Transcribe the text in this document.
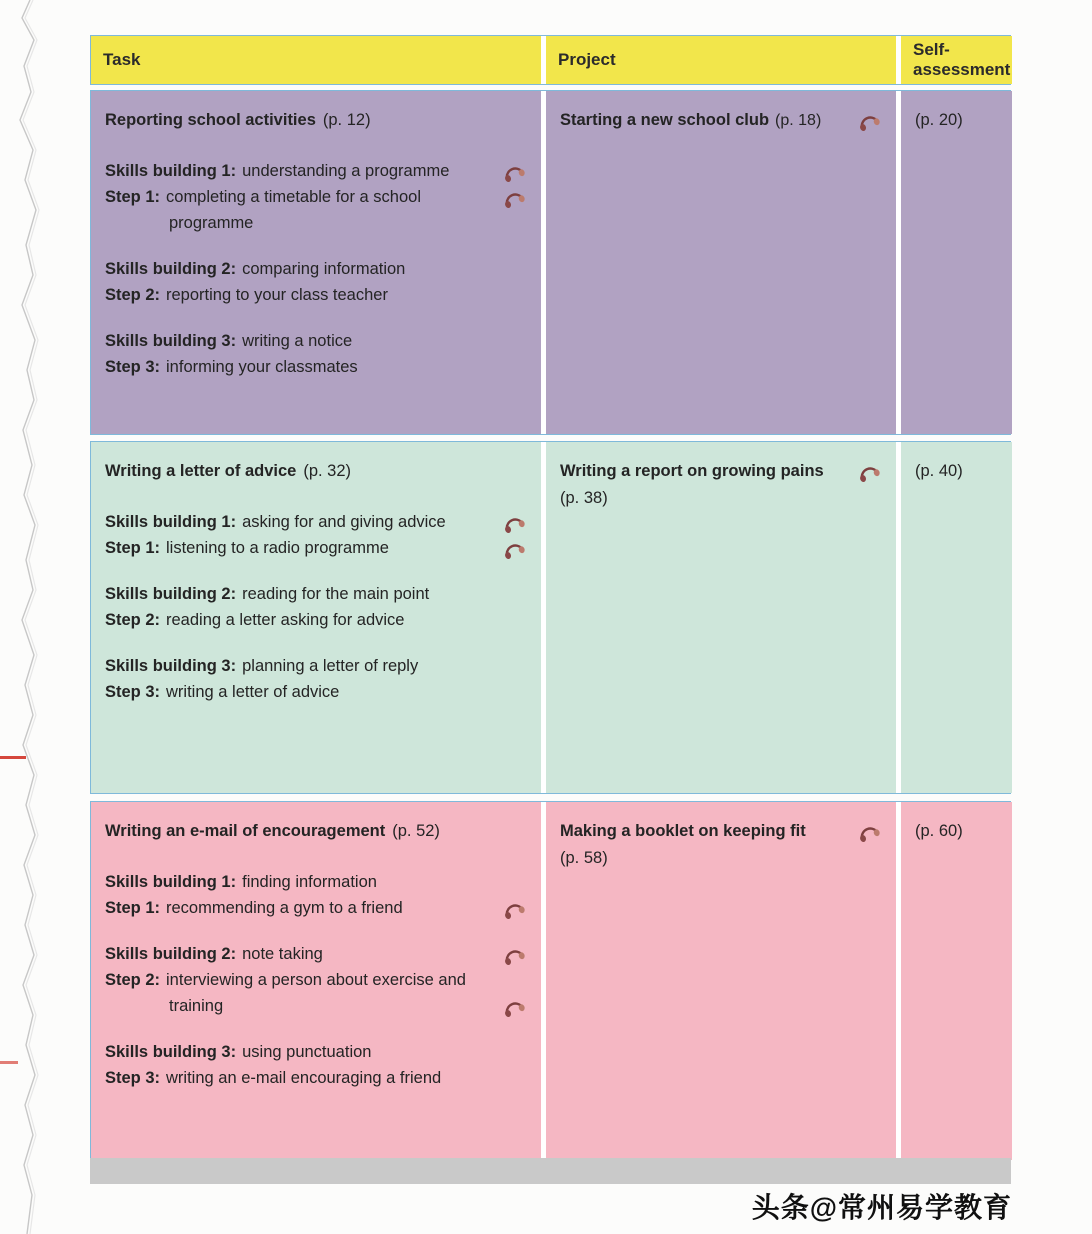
Task	Project
Self-assessment
Reporting school activities (p. 12)
Skills building 1: understanding a programme
Step 1: completing a timetable for a school programme
Skills building 2: comparing information
Step 2: reporting to your class teacher
Skills building 3: writing a notice
Step 3: informing your classmates
Starting a new school club (p. 18)	(p. 20)
Writing a letter of advice (p. 32)
Skills building 1: asking for and giving advice
Step 1: listening to a radio programme
Skills building 2: reading for the main point
Step 2: reading a letter asking for advice
Skills building 3: planning a letter of reply
Step 3: writing a letter of advice
Writing a report on growing pains
(p. 38)
(p. 40)
Writing an e-mail of encouragement (p. 52)
Skills building 1: finding information
Step 1: recommending a gym to a friend
Skills building 2: note taking
Step 2: interviewing a person about exercise and training
Skills building 3: using punctuation
Step 3: writing an e-mail encouraging a friend
Making a booklet on keeping fit
(p. 58)
(p. 60)
头条@常州易学教育
